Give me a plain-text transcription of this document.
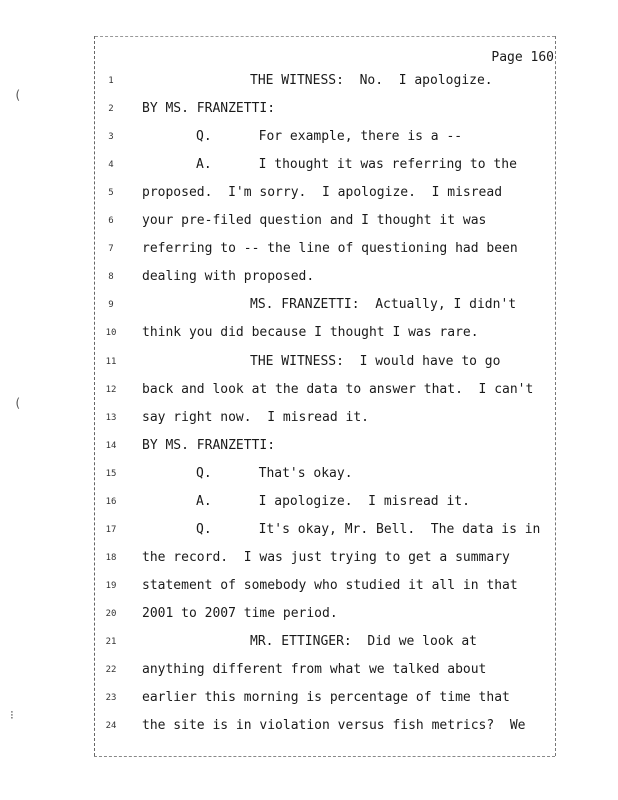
(
(
⁝
Page 160
1	THE WITNESS:  No.  I apologize.
2	BY MS. FRANZETTI:
3	Q.      For example, there is a --
4	A.      I thought it was referring to the
5	proposed.  I'm sorry.  I apologize.  I misread
6	your pre-filed question and I thought it was
7	referring to -- the line of questioning had been
8	dealing with proposed.
9	MS. FRANZETTI:  Actually, I didn't
10 think you did because I thought I was rare.
11	THE WITNESS:  I would have to go
12 back and look at the data to answer that.  I can't
13 say right now.  I misread it.
14 BY MS. FRANZETTI:
15	Q.      That's okay.
16	A.      I apologize.  I misread it.
17	Q.      It's okay, Mr. Bell.  The data is in
18 the record.  I was just trying to get a summary
19 statement of somebody who studied it all in that
20 2001 to 2007 time period.
21	MR. ETTINGER:  Did we look at
22 anything different from what we talked about
23 earlier this morning is percentage of time that
24 the site is in violation versus fish metrics?  We
